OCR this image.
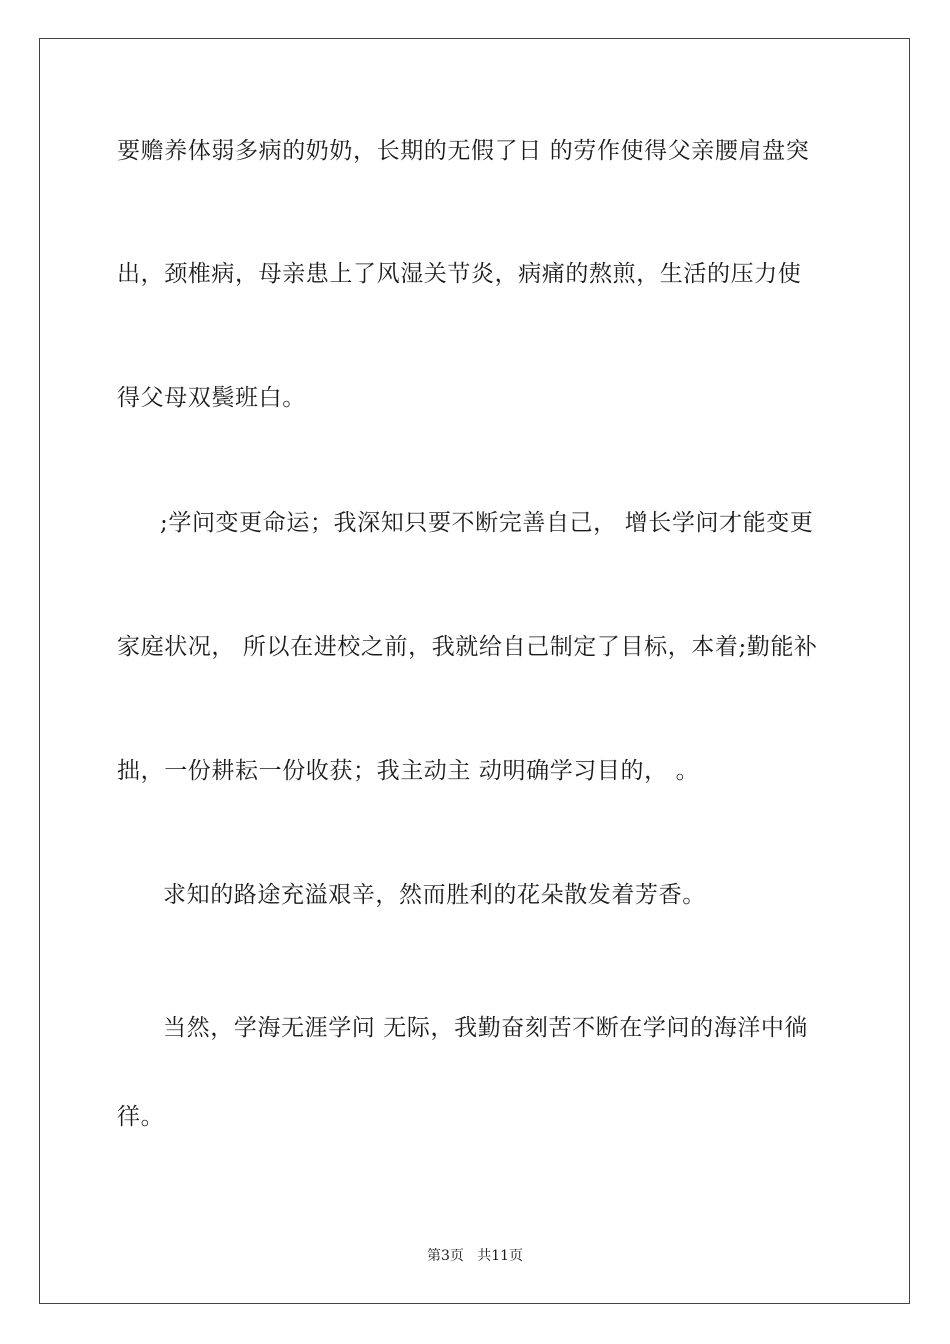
要赡养体弱多病的奶奶，长期的无假了日 的劳作使得父亲腰肩盘突
出，颈椎病，母亲患上了风湿关节炎，病痛的熬煎，生活的压力使
得父母双鬓班白。
;学问变更命运；我深知只要不断完善自己， 增长学问才能变更
家庭状况， 所以在进校之前，我就给自己制定了目标，本着;勤能补
拙，一份耕耘一份收获；我主动主 动明确学习目的， 。
求知的路途充溢艰辛，然而胜利的花朵散发着芳香。
当然，学海无涯学问 无际，我勤奋刻苦不断在学问的海洋中徜
徉。
第3页   共11页
